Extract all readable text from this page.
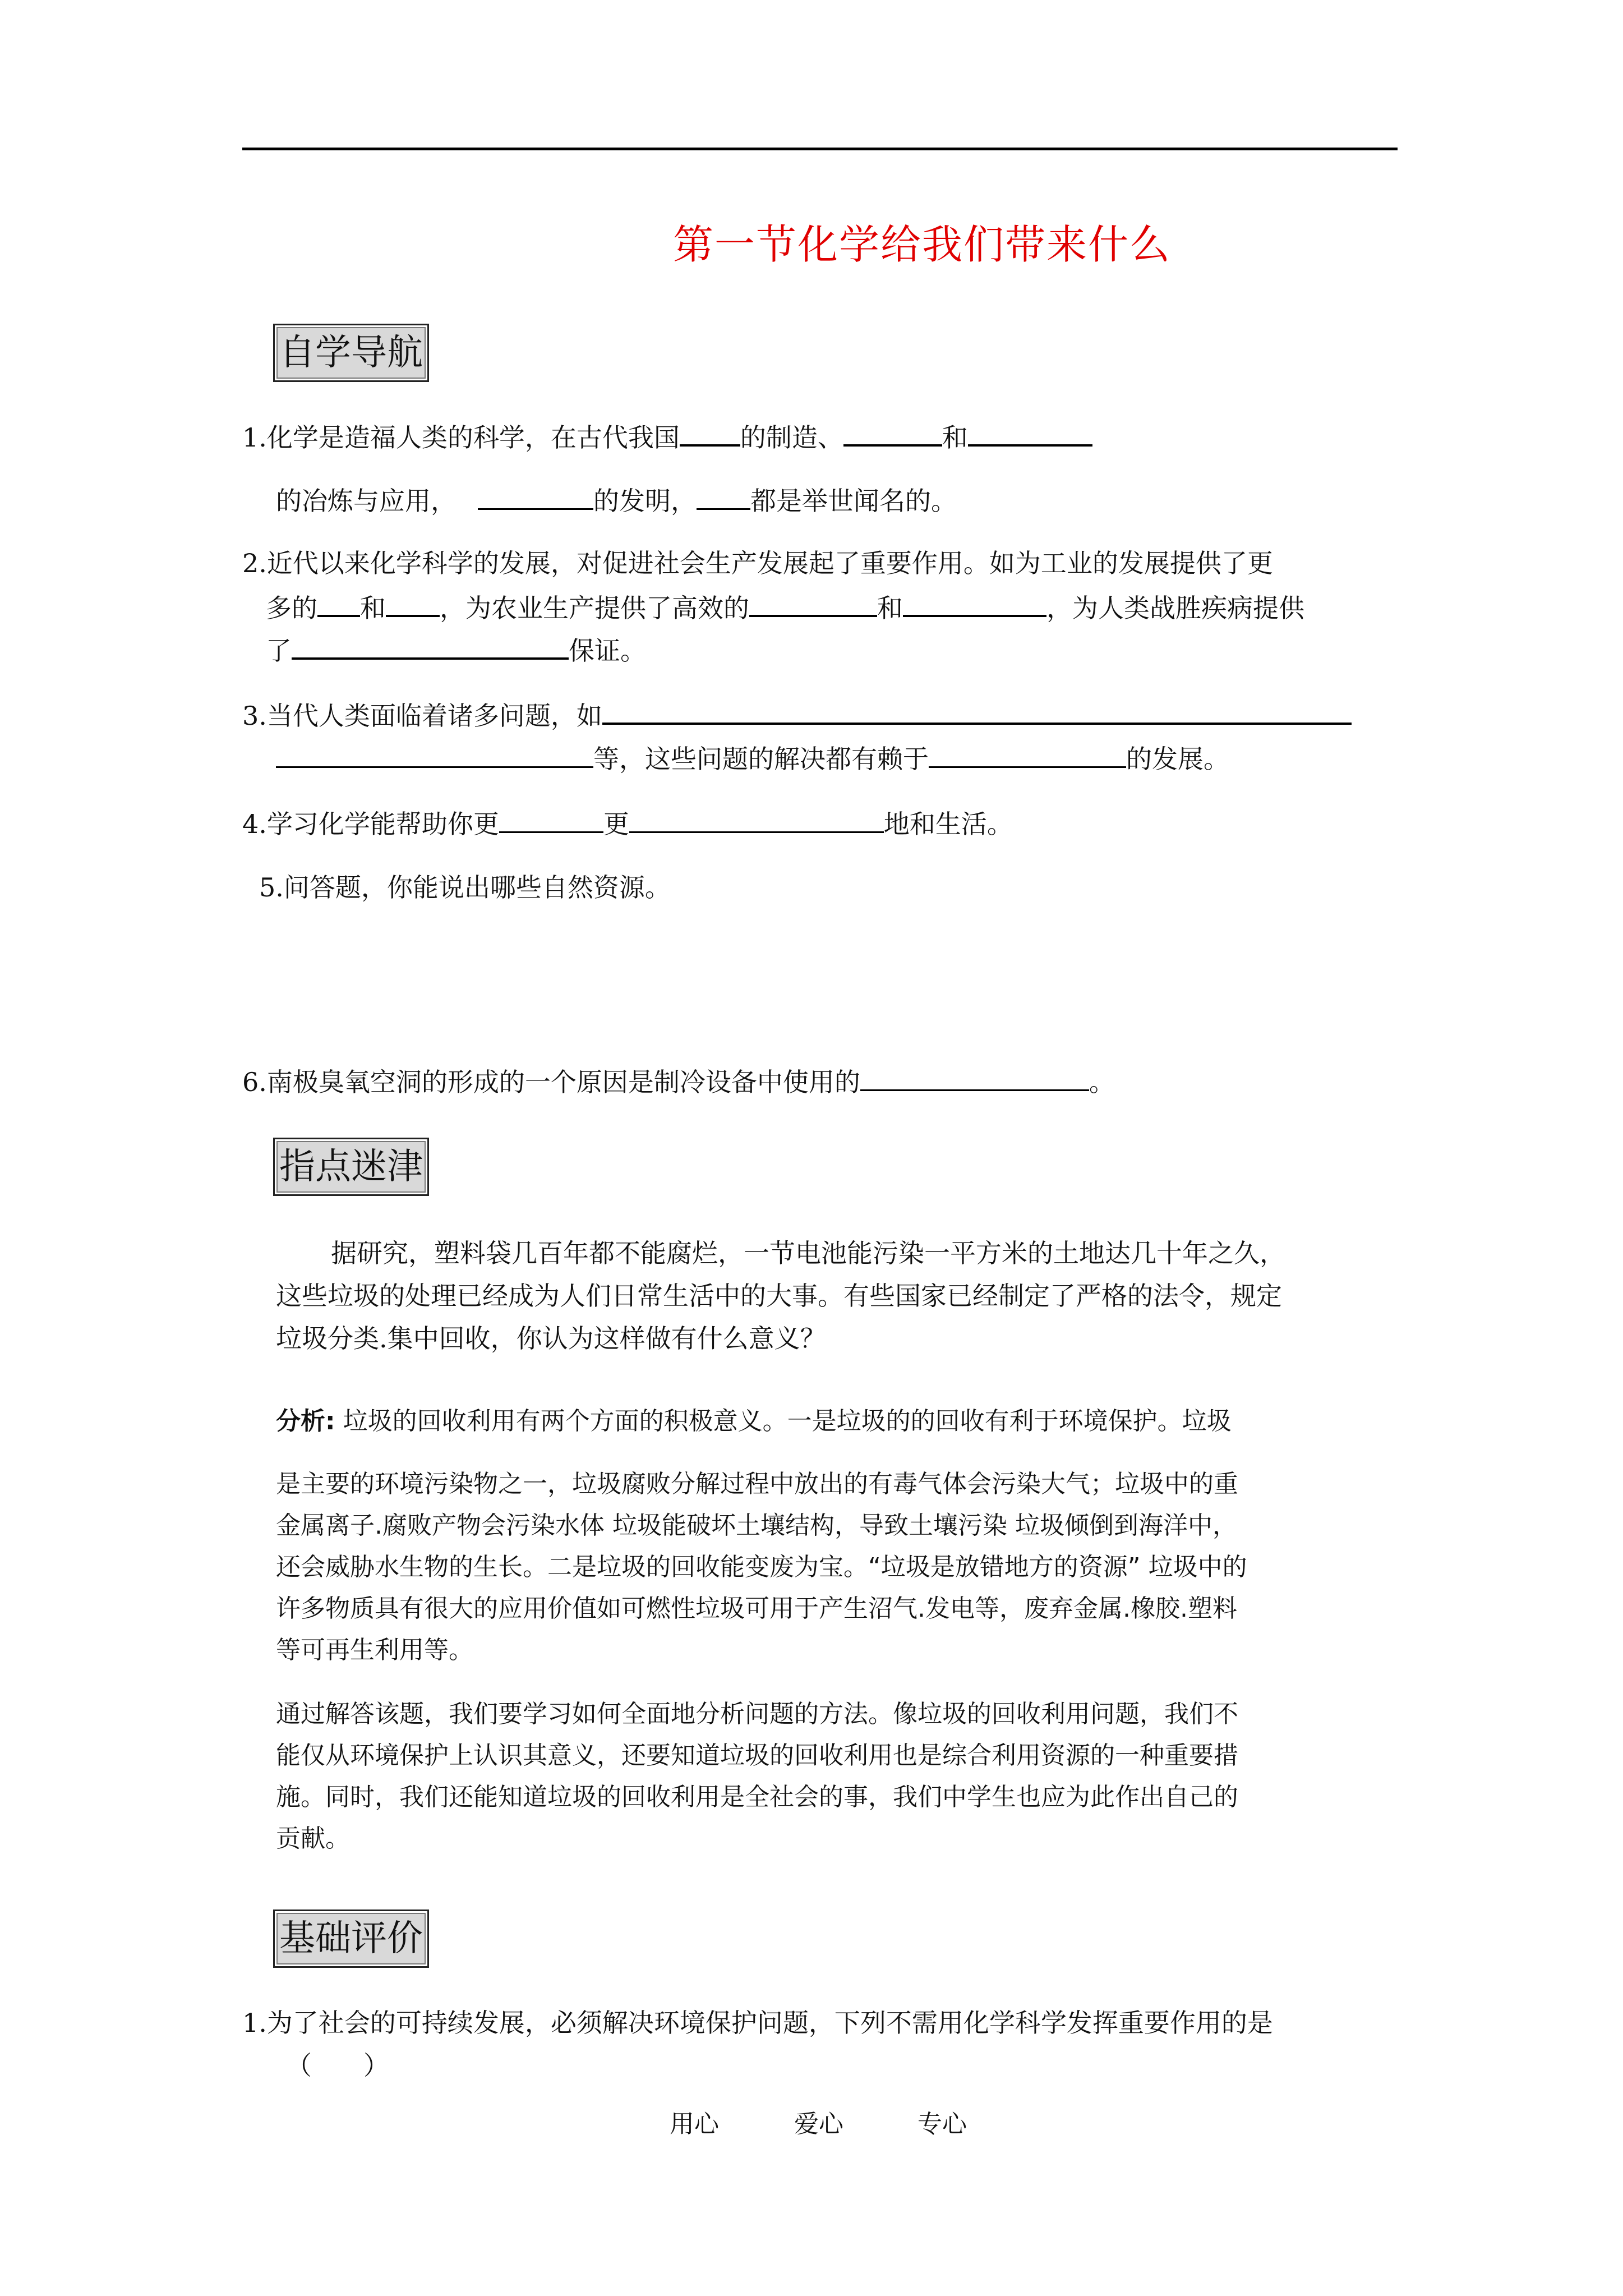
第一节化学给我们带来什么
自学导航
1.化学是造福人类的科学，在古代我国 的制造、	和
的冶炼与应用，	的发明， 都是举世闻名的。
2.近代以来化学科学的发展，对促进社会生产发展起了重要作用。如为工业的发展提供了更
多的 和 ，为农业生产提供了高效的	和	，为人类战胜疾病提供
了	保证。
3.当代人类面临着诸多问题，如
等，这些问题的解决都有赖于	的发展。
4.学习化学能帮助你更	更	地和生活。
5.问答题，你能说出哪些自然资源。
6.南极臭氧空洞的形成的一个原因是制冷设备中使用的	。
指点迷津
据研究，塑料袋几百年都不能腐烂，一节电池能污染一平方米的土地达几十年之久，
这些垃圾的处理已经成为人们日常生活中的大事。有些国家已经制定了严格的法令，规定
垃圾分类.集中回收，你认为这样做有什么意义？
分析: 垃圾的回收利用有两个方面的积极意义。一是垃圾的的回收有利于环境保护。垃圾
是主要的环境污染物之一，垃圾腐败分解过程中放出的有毒气体会污染大气；垃圾中的重
金属离子.腐败产物会污染水体 垃圾能破坏土壤结构，导致土壤污染 垃圾倾倒到海洋中，
还会威胁水生物的生长。二是垃圾的回收能变废为宝。“垃圾是放错地方的资源” 垃圾中的
许多物质具有很大的应用价值如可燃性垃圾可用于产生沼气.发电等，废弃金属.橡胶.塑料
等可再生利用等。
通过解答该题，我们要学习如何全面地分析问题的方法。像垃圾的回收利用问题，我们不
能仅从环境保护上认识其意义，还要知道垃圾的回收利用也是综合利用资源的一种重要措
施。同时，我们还能知道垃圾的回收利用是全社会的事，我们中学生也应为此作出自己的
贡献。
基础评价
1.为了社会的可持续发展，必须解决环境保护问题，下列不需用化学科学发挥重要作用的是
（　　）
用心	爱心	专心
